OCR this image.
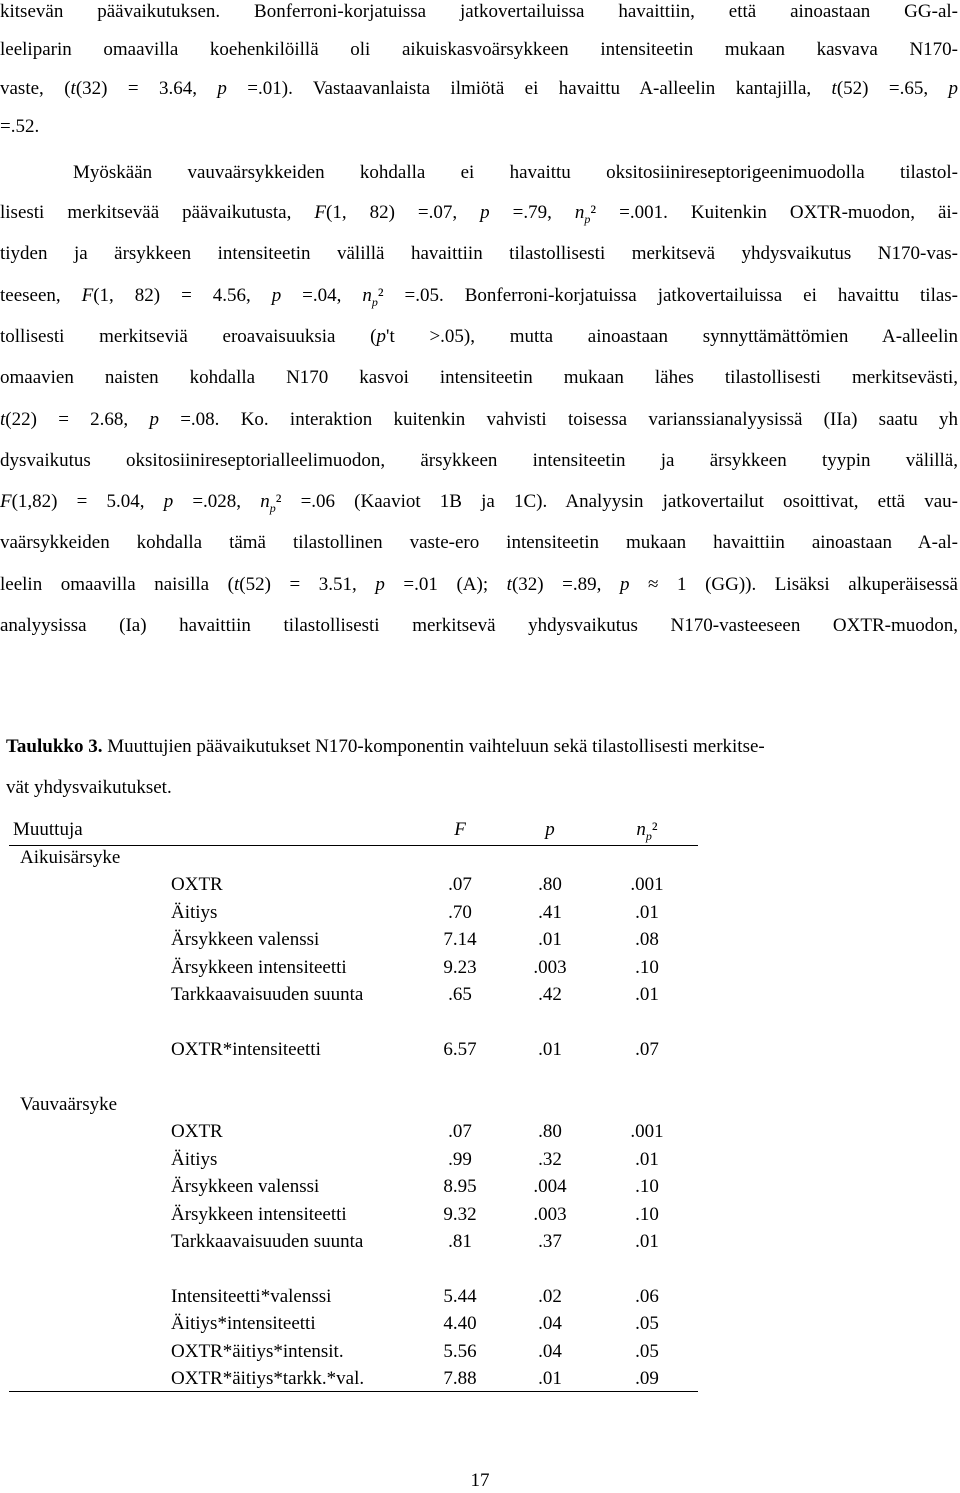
kitsevän päävaikutuksen. Bonferroni-korjatuissa jatkovertailuissa havaittiin, että ainoastaan GG-al-
leeliparin omaavilla koehenkilöillä oli aikuiskasvoärsykkeen intensiteetin mukaan kasvava N170-
vaste, (t(32) = 3.64, p =.01). Vastaavanlaista ilmiötä ei havaittu A-alleelin kantajilla, t(52) =.65, p
=.52.
Myöskään vauvaärsykkeiden kohdalla ei havaittu oksitosiinireseptorigeenimuodolla tilastol-
lisesti merkitsevää päävaikutusta, F(1, 82) =.07, p =.79, $n_p^2 =.001$. Kuitenkin OXTR-muodon, äi-
tiyden ja ärsykkeen intensiteetin välillä havaittiin tilastollisesti merkitsevä yhdysvaikutus N170-vas-
teeseen, F(1, 82) = 4.56, p =.04, $n_p^2 =.05$. Bonferroni-korjatuissa jatkovertailuissa ei havaittu tilas-
tollisesti merkitseviä eroavaisuuksia (p't >.05), mutta ainoastaan synnyttämättömien A-alleelin
omaavien naisten kohdalla N170 kasvoi intensiteetin mukaan lähes tilastollisesti merkitsevästi,
t(22) = 2.68, p =.08. Ko. interaktion kuitenkin vahvisti toisessa varianssianalyysissä (IIa) saatu yh
dysvaikutus oksitosiinireseptorialleelimuodon, ärsykkeen intensiteetin ja ärsykkeen tyypin välillä,
F(1,82) = 5.04, p =.028, $n_p^2 =.06$ (Kaaviot 1B ja 1C). Analyysin jatkovertailut osoittivat, että vau-
vaärsykkeiden kohdalla tämä tilastollinen vaste-ero intensiteetin mukaan havaittiin ainoastaan A-al-
leelin omaavilla naisilla (t(52) = 3.51, p =.01 (A); t(32) =.89, p ≈ 1 (GG)). Lisäksi alkuperäisessä
analyysissa (Ia) havaittiin tilastollisesti merkitsevä yhdysvaikutus N170-vasteeseen OXTR-muodon,
Taulukko 3. Muuttujien päävaikutukset N170-komponentin vaihteluun sekä tilastollisesti merkitse-
vät yhdysvaikutukset.
Muuttuja	F	p	$n_p^2$
Aikuisärsyke
OXTR	.07	.80	.001
Äitiys	.70	.41	.01
Ärsykkeen valenssi	7.14	.01	.08
Ärsykkeen intensiteetti	9.23	.003	.10
Tarkkaavaisuuden suunta	.65	.42	.01
OXTR*intensiteetti	6.57	.01	.07
Vauvaärsyke
OXTR	.07	.80	.001
Äitiys	.99	.32	.01
Ärsykkeen valenssi	8.95	.004	.10
Ärsykkeen intensiteetti	9.32	.003	.10
Tarkkaavaisuuden suunta	.81	.37	.01
Intensiteetti*valenssi	5.44	.02	.06
Äitiys*intensiteetti	4.40	.04	.05
OXTR*äitiys*intensit.	5.56	.04	.05
OXTR*äitiys*tarkk.*val.	7.88	.01	.09
17
